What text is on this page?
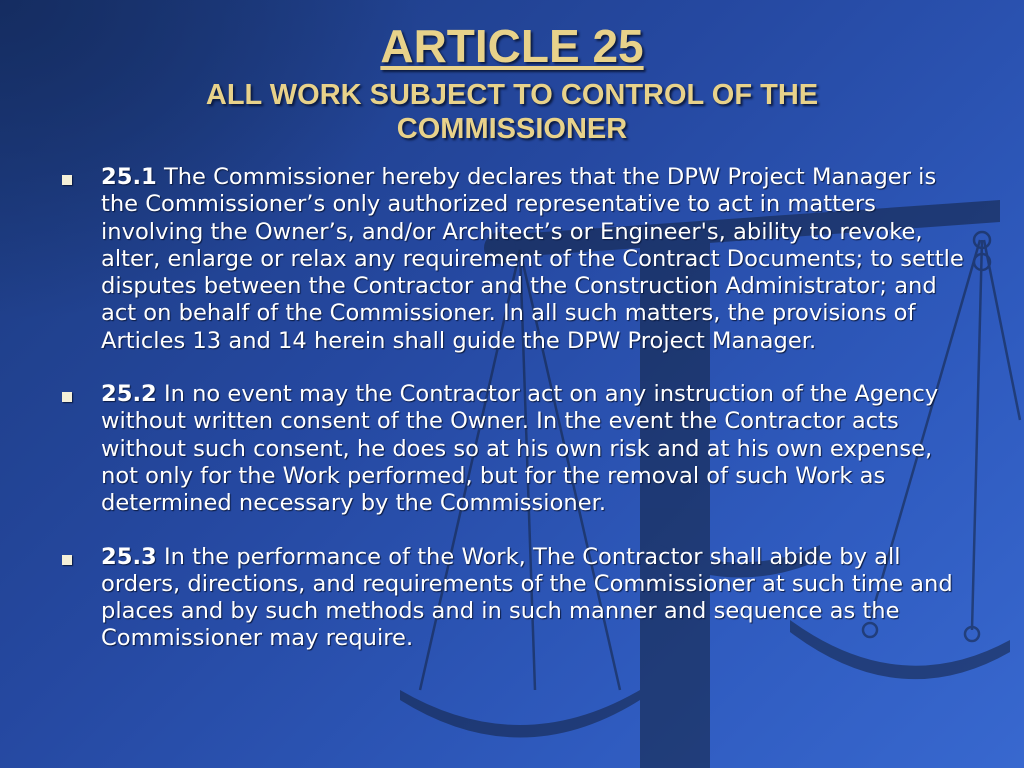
ARTICLE 25
ALL WORK SUBJECT TO CONTROL OF THE
COMMISSIONER
25.1 The Commissioner hereby declares that the DPW Project Manager is the Commissioner’s only authorized representative to act in matters involving the Owner’s, and/or Architect’s or Engineer's, ability to revoke, alter, enlarge or relax any requirement of the Contract Documents; to settle disputes between the Contractor and the Construction Administrator; and act on behalf of the Commissioner. In all such matters, the provisions of Articles 13 and 14 herein shall guide the DPW Project Manager.
25.2 In no event may the Contractor act on any instruction of the Agency without written consent of the Owner. In the event the Contractor acts without such consent, he does so at his own risk and at his own expense, not only for the Work performed, but for the removal of such Work as determined necessary by the Commissioner.
25.3 In the performance of the Work, The Contractor shall abide by all orders, directions, and requirements of the Commissioner at such time and places and by such methods and in such manner and sequence as the Commissioner may require.
